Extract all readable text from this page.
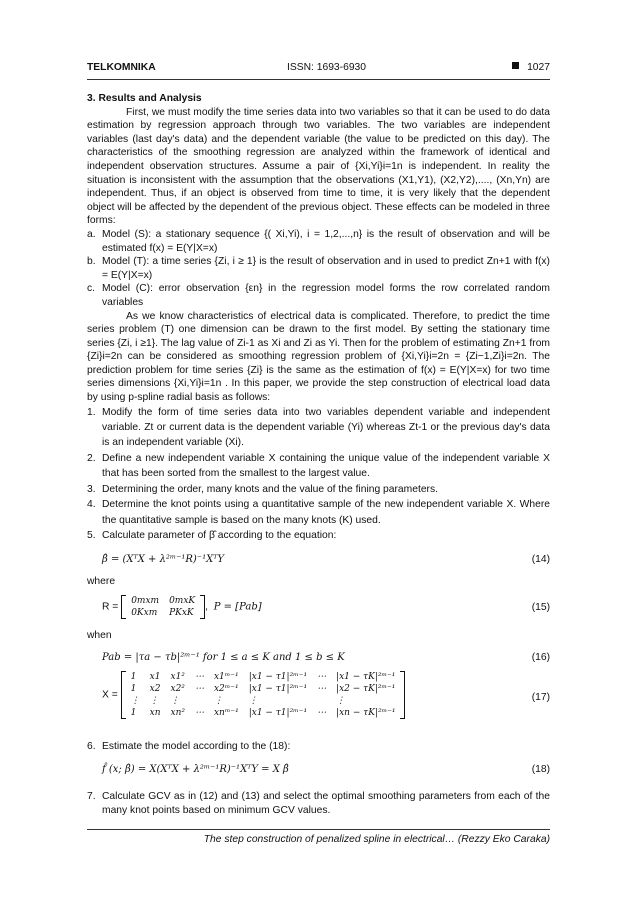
TELKOMNIKA	ISSN: 1693-6930	1027
3. Results and Analysis

First, we must modify the time series data into two variables so that it can be used to do data estimation by regression approach through two variables. The two variables are independent variables (last day's data) and the dependent variable (the value to be predicted on this day). The characteristics of the smoothing regression are analyzed within the framework of identical and independent observation structures. Assume a pair of {Xi,Yi}i=1n is independent. In reality the situation is inconsistent with the assumption that the observations (X1,Y1), (X2,Y2),...., (Xn,Yn) are independent. Thus, if an object is observed from time to time, it is very likely that the dependent object will be affected by the dependent of the previous object. These effects can be modeled in three forms:

a. Model (S): a stationary sequence {( Xi,Yi), i = 1,2,...,n} is the result of observation and will be estimated f(x) = E(Y|X=x)
b. Model (T): a time series {Zi, i ≥ 1} is the result of observation and in used to predict Zn+1 with f(x) = E(Y|X=x)
c. Model (C): error observation {εn} in the regression model forms the row correlated random variables

As we know characteristics of electrical data is complicated. Therefore, to predict the time series problem (T) one dimension can be drawn to the first model. By setting the stationary time series {Zi, i ≥1}. The lag value of Zi-1 as Xi and Zi as Yi. Then for the problem of estimating Zn+1 from {Zi}i=2n can be considered as smoothing regression problem of {Xi,Yi}i=2n = {Zi−1,Zi}i=2n. The prediction problem for time series {Zi} is the same as the estimation of f(x) = E(Y|X=x) for two time series dimensions {Xi,Yi}i=1n . In this paper, we provide the step construction of electrical load data by using p-spline radial basis as follows:

1. Modify the form of time series data into two variables dependent variable and independent variable. Zt or current data is the dependent variable (Yi) whereas Zt-1 or the previous day's data is an independent variable (Xi).
2. Define a new independent variable X containing the unique value of the independent variable X that has been sorted from the smallest to the largest value.
3. Determining the order, many knots and the value of the fining parameters.
4. Determine the knot points using a quantitative sample of the new independent variable X. Where the quantitative sample is based on the many knots (K) used.
5. Calculate parameter of β̂ according to the equation:
β̂ = (XᵀX + λ²ᵐ⁻¹R)⁻¹XᵀY	(14)
where
R =
0mxm	0mxK
0Kxm	PKxK
,  P = [Pab]	(15)
when
Pab = |τa − τb|²ᵐ⁻¹ for 1 ≤ a ≤ K and 1 ≤ b ≤ K	(16)
X =
1	x1	x1²	⋯	x1ᵐ⁻¹	|x1 − τ1|²ᵐ⁻¹	⋯	|x1 − τK|²ᵐ⁻¹
1	x2	x2²	⋯	x2ᵐ⁻¹	|x1 − τ1|²ᵐ⁻¹	⋯	|x2 − τK|²ᵐ⁻¹
⋮	⋮	⋮		⋮	⋮		⋮
1	xn	xn²	⋯	xnᵐ⁻¹	|x1 − τ1|²ᵐ⁻¹	⋯	|xn − τK|²ᵐ⁻¹
(17)
6. Estimate the model according to the (18):
f̂ (x; β̂) = X(XᵀX + λ²ᵐ⁻¹R)⁻¹XᵀY = X β̂	(18)
7. Calculate GCV as in (12) and (13) and select the optimal smoothing parameters from each of the many knot points based on minimum GCV values.
The step construction of penalized spline in electrical… (Rezzy Eko Caraka)
